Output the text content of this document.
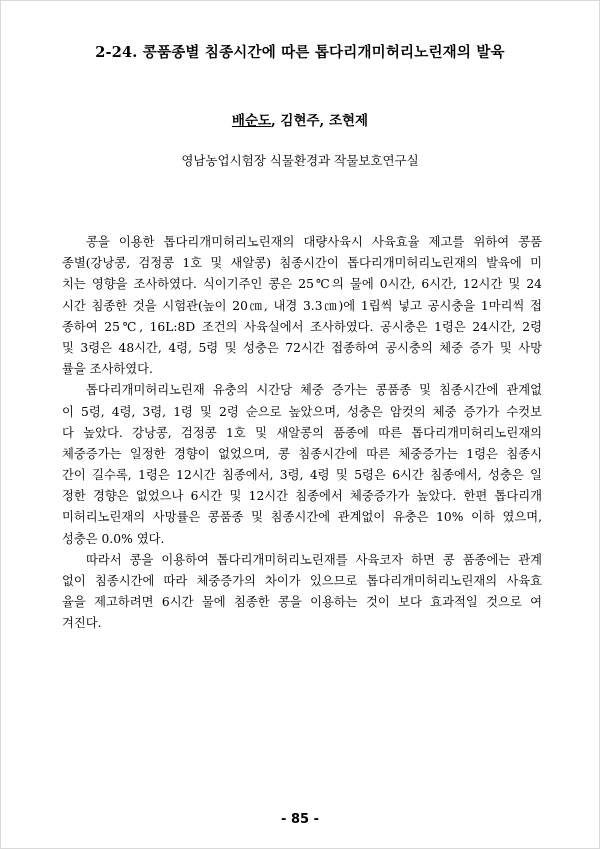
2-24. 콩품종별 침종시간에 따른 톱다리개미허리노린재의 발육
배순도, 김현주, 조현제
영남농업시험장 식물환경과 작물보호연구실

콩을 이용한 톱다리개미허리노린재의 대량사육시 사육효율 제고를 위하여 콩품
종별(강낭콩, 검정콩 1호 및 새알콩) 침종시간이 톱다리개미허리노린재의 발육에 미
치는 영향을 조사하였다. 식이기주인 콩은 25℃의 물에 0시간, 6시간, 12시간 및 24
시간 침종한 것을 시험관(높이 20㎝, 내경 3.3㎝)에 1립씩 넣고 공시충을 1마리씩 접
종하여 25℃, 16L:8D 조건의 사육실에서 조사하였다. 공시충은 1령은 24시간, 2령
및 3령은 48시간, 4령, 5령 및 성충은 72시간 접종하여 공시충의 체중 증가 및 사망
률을 조사하였다.

톱다리개미허리노린재 유충의 시간당 체중 증가는 콩품종 및 침종시간에 관계없
이 5령, 4령, 3령, 1령 및 2령 순으로 높았으며, 성충은 암컷의 체중 증가가 수컷보
다 높았다. 강낭콩, 검정콩 1호 및 새알콩의 품종에 따른 톱다리개미허리노린재의
체중증가는 일정한 경향이 없었으며, 콩 침종시간에 따른 체중증가는 1령은 침종시
간이 길수록, 1령은 12시간 침종에서, 3령, 4령 및 5령은 6시간 침종에서, 성충은 일
정한 경향은 없었으나 6시간 및 12시간 침종에서 체중증가가 높았다. 한편 톱다리개
미허리노린재의 사망률은 콩품종 및 침종시간에 관계없이 유충은 10% 이하 였으며,
성충은 0.0% 였다.

따라서 콩을 이용하여 톱다리개미허리노린재를 사육코자 하면 콩 품종에는 관계
없이 침종시간에 따라 체중증가의 차이가 있으므로 톱다리개미허리노린재의 사육효
율을 제고하려면 6시간 물에 침종한 콩을 이용하는 것이 보다 효과적일 것으로 여
겨진다.

- 85 -
